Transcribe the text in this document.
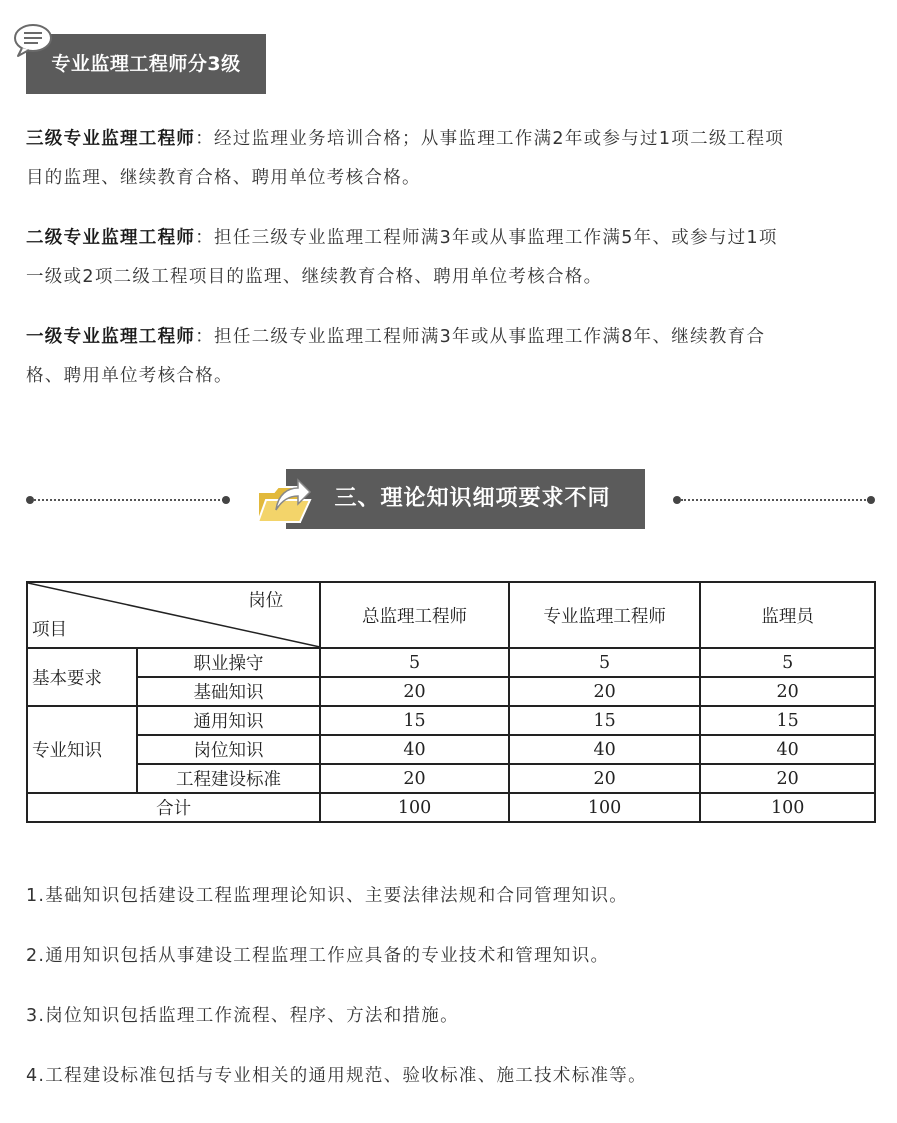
专业监理工程师分3级

三级专业监理工程师：经过监理业务培训合格；从事监理工作满2年或参与过1项二级工程项
目的监理、继续教育合格、聘用单位考核合格。

二级专业监理工程师：担任三级专业监理工程师满3年或从事监理工作满5年、或参与过1项
一级或2项二级工程项目的监理、继续教育合格、聘用单位考核合格。

一级专业监理工程师：担任二级专业监理工程师满3年或从事监理工作满8年、继续教育合
格、聘用单位考核合格。

三、理论知识细项要求不同
岗位
项目		总监理工程师	专业监理工程师	监理员
基本要求	职业操守	5	5	5
	基础知识	20	20	20
专业知识	通用知识	15	15	15
	岗位知识	40	40	40
	工程建设标准	20	20	20
合计		100	100	100
1.基础知识包括建设工程监理理论知识、主要法律法规和合同管理知识。
2.通用知识包括从事建设工程监理工作应具备的专业技术和管理知识。
3.岗位知识包括监理工作流程、程序、方法和措施。
4.工程建设标准包括与专业相关的通用规范、验收标准、施工技术标准等。
